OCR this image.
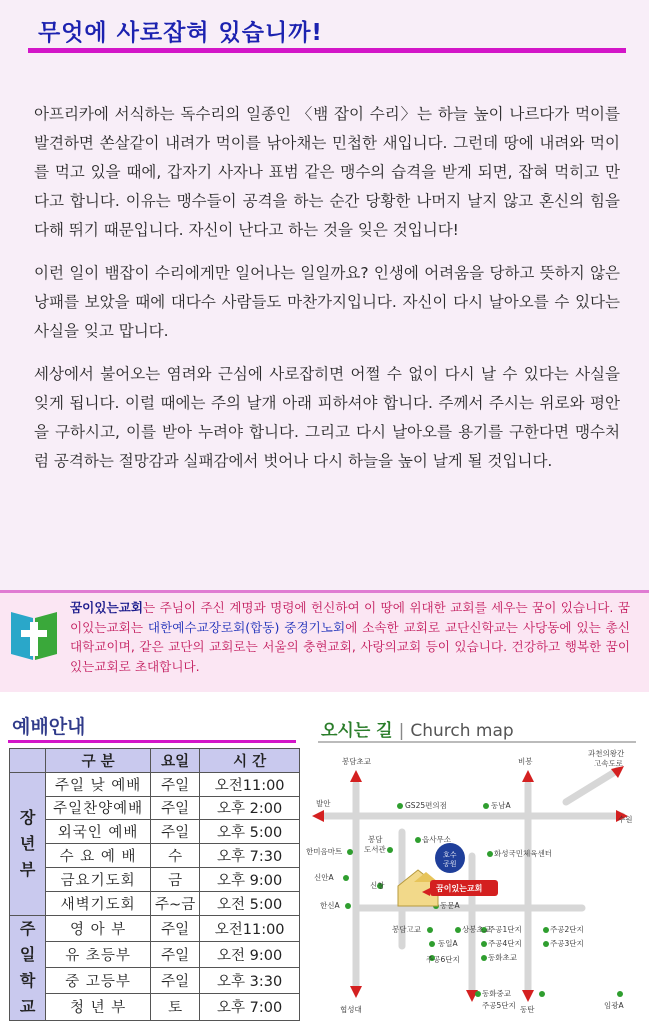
무엇에 사로잡혀 있습니까!

아프리카에 서식하는 독수리의 일종인 〈뱀 잡이 수리〉는 하늘 높이 나르다가 먹이를 발견하면 쏜살같이 내려가 먹이를 낚아채는 민첩한 새입니다. 그런데 땅에 내려와 먹이를 먹고 있을 때에, 갑자기 사자나 표범 같은 맹수의 습격을 받게 되면, 잡혀 먹히고 만다고 합니다. 이유는 맹수들이 공격을 하는 순간 당황한 나머지 날지 않고 혼신의 힘을 다해 뛰기 때문입니다. 자신이 난다고 하는 것을 잊은 것입니다!

이런 일이 뱀잡이 수리에게만 일어나는 일일까요? 인생에 어려움을 당하고 뜻하지 않은 낭패를 보았을 때에 대다수 사람들도 마찬가지입니다. 자신이 다시 날아오를 수 있다는 사실을 잊고 맙니다.

세상에서 불어오는 염려와 근심에 사로잡히면 어쩔 수 없이 다시 날 수 있다는 사실을 잊게 됩니다. 이럴 때에는 주의 날개 아래 피하셔야 합니다. 주께서 주시는 위로와 평안을 구하시고, 이를 받아 누려야 합니다. 그리고 다시 날아오를 용기를 구한다면 맹수처럼 공격하는 절망감과 실패감에서 벗어나 다시 하늘을 높이 날게 될 것입니다.

꿈이있는교회는 주님이 주신 계명과 명령에 헌신하여 이 땅에 위대한 교회를 세우는 꿈이 있습니다. 꿈이있는교회는 대한예수교장로회(합동) 중경기노회에 소속한 교회로 교단신학교는 사당동에 있는 총신대학교이며, 같은 교단의 교회로는 서울의 충현교회, 사랑의교회 등이 있습니다. 건강하고 행복한 꿈이있는교회로 초대합니다.
예배안내
	구 분	요일	시 간
장
년
부	주일 낮 예배	주일	오전11:00
	주일찬양예배	주일	오후 2:00
	외국인 예배	주일	오후 5:00
	수 요 예 배	수	오후 7:30
	금요기도회	금	오후 9:00
	새벽기도회	주~금	오전 5:00
주
일
학
교	영 아 부	주일	오전11:00
	유 초등부	주일	오전 9:00
	중 고등부	주일	오후 3:30
	청 년 부	토	오후 7:00
오시는 길 | Church map
봉담초교	비봉
과천의왕간
고속도로
발안	GS25편의점	동남A
수원
봉담
도서관
읍사무소
한미음마트	호수
공원
화성국민체육센터
신안A
신창	꿈이있는교회
한신A	동문A
봉담고교	상봉초교
동일A
주공6단지
주공1단지
주공4단지
동화초교
주공2단지
주공3단지
협성대
동화중교
주공5단지 동탄	임광A
